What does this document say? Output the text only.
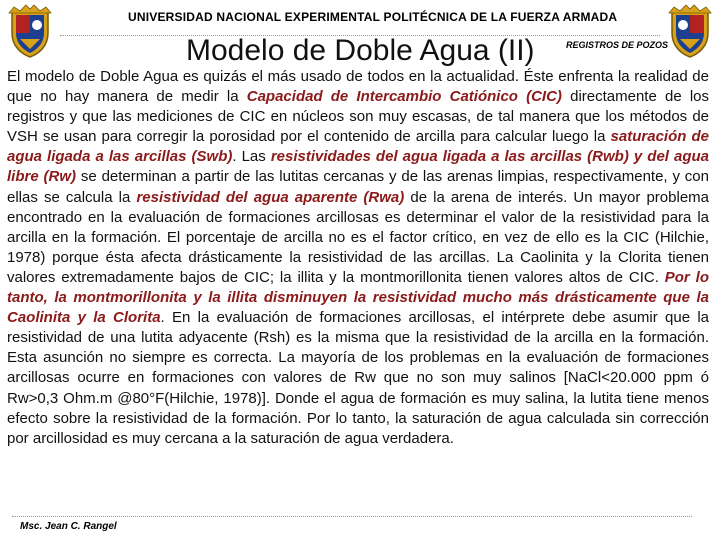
UNIVERSIDAD NACIONAL EXPERIMENTAL POLITÉCNICA DE LA FUERZA ARMADA
Modelo de Doble Agua (II)	REGISTROS DE POZOS
El modelo de Doble Agua es quizás el más usado de todos en la actualidad. Éste enfrenta la realidad de que no hay manera de medir la Capacidad de Intercambio Catiónico (CIC) directamente de los registros y que las mediciones de CIC en núcleos son muy escasas, de tal manera que los métodos de VSH se usan para corregir la porosidad por el contenido de arcilla para calcular luego la saturación de agua ligada a las arcillas (Swb). Las resistividades del agua ligada a las arcillas (Rwb) y del agua libre (Rw) se determinan a partir de las lutitas cercanas y de las arenas limpias, respectivamente, y con ellas se calcula la resistividad del agua aparente (Rwa) de la arena de interés. Un mayor problema encontrado en la evaluación de formaciones arcillosas es determinar el valor de la resistividad para la arcilla en la formación. El porcentaje de arcilla no es el factor crítico, en vez de ello es la CIC (Hilchie, 1978) porque ésta afecta drásticamente la resistividad de las arcillas. La Caolinita y la Clorita tienen valores extremadamente bajos de CIC; la illita y la montmorillonita tienen valores altos de CIC. Por lo tanto, la montmorillonita y la illita disminuyen la resistividad mucho más drásticamente que la Caolinita y la Clorita. En la evaluación de formaciones arcillosas, el intérprete debe asumir que la resistividad de una lutita adyacente (Rsh) es la misma que la resistividad de la arcilla en la formación. Esta asunción no siempre es correcta. La mayoría de los problemas en la evaluación de formaciones arcillosas ocurre en formaciones con valores de Rw que no son muy salinos [NaCl<20.000 ppm ó Rw>0,3 Ohm.m @80°F(Hilchie, 1978)]. Donde el agua de formación es muy salina, la lutita tiene menos efecto sobre la resistividad de la formación. Por lo tanto, la saturación de agua calculada sin corrección por arcillosidad es muy cercana a la saturación de agua verdadera.
Msc. Jean C. Rangel
